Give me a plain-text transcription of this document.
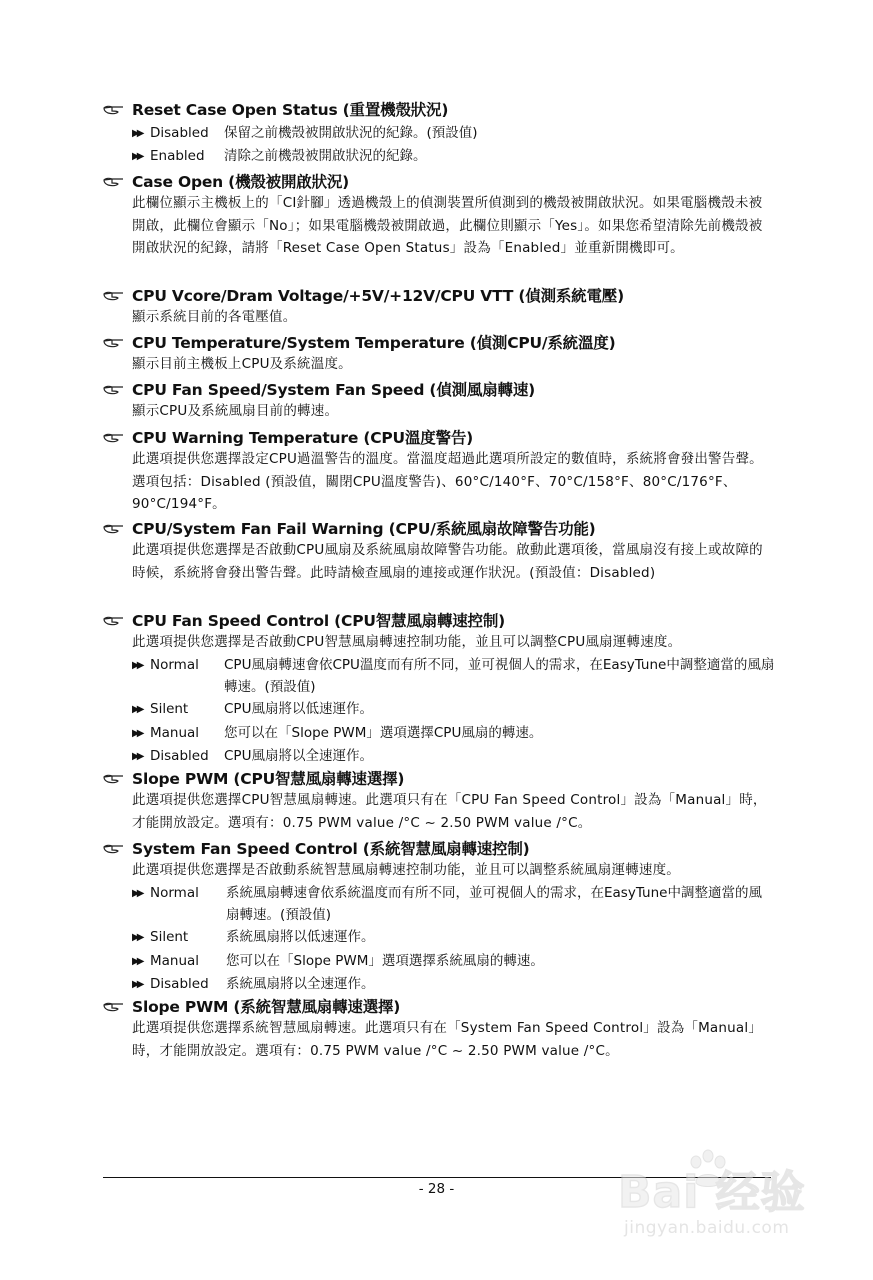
Reset Case Open Status (重置機殼狀況)
▶▶ Disabled	保留之前機殼被開啟狀況的紀錄。(預設值)
▶▶ Enabled	清除之前機殼被開啟狀況的紀錄。
Case Open (機殼被開啟狀況)
此欄位顯示主機板上的「CI針腳」透過機殼上的偵測裝置所偵測到的機殼被開啟狀況。如果電腦機殼未被開啟，此欄位會顯示「No」；如果電腦機殼被開啟過，此欄位則顯示「Yes」。如果您希望清除先前機殼被開啟狀況的紀錄，請將「Reset Case Open Status」設為「Enabled」並重新開機即可。
CPU Vcore/Dram Voltage/+5V/+12V/CPU VTT (偵測系統電壓)
顯示系統目前的各電壓值。
CPU Temperature/System Temperature (偵測CPU/系統溫度)
顯示目前主機板上CPU及系統溫度。
CPU Fan Speed/System Fan Speed (偵測風扇轉速)
顯示CPU及系統風扇目前的轉速。
CPU Warning Temperature (CPU溫度警告)
此選項提供您選擇設定CPU過溫警告的溫度。當溫度超過此選項所設定的數值時，系統將會發出警告聲。選項包括：Disabled (預設值，關閉CPU溫度警告)、60°C/140°F、70°C/158°F、80°C/176°F、90°C/194°F。
CPU/System Fan Fail Warning (CPU/系統風扇故障警告功能)
此選項提供您選擇是否啟動CPU風扇及系統風扇故障警告功能。啟動此選項後，當風扇沒有接上或故障的時候，系統將會發出警告聲。此時請檢查風扇的連接或運作狀況。(預設值：Disabled)
CPU Fan Speed Control (CPU智慧風扇轉速控制)
此選項提供您選擇是否啟動CPU智慧風扇轉速控制功能，並且可以調整CPU風扇運轉速度。
▶▶ Normal	CPU風扇轉速會依CPU溫度而有所不同，並可視個人的需求，在EasyTune中調整適當的風扇轉速。(預設值)
▶▶ Silent	CPU風扇將以低速運作。
▶▶ Manual	您可以在「Slope PWM」選項選擇CPU風扇的轉速。
▶▶ Disabled	CPU風扇將以全速運作。
Slope PWM (CPU智慧風扇轉速選擇)
此選項提供您選擇CPU智慧風扇轉速。此選項只有在「CPU Fan Speed Control」設為「Manual」時，才能開放設定。選項有：0.75 PWM value /°C ~ 2.50 PWM value /°C。
System Fan Speed Control (系統智慧風扇轉速控制)
此選項提供您選擇是否啟動系統智慧風扇轉速控制功能，並且可以調整系統風扇運轉速度。
▶▶ Normal	系統風扇轉速會依系統溫度而有所不同，並可視個人的需求，在EasyTune中調整適當的風扇轉速。(預設值)
▶▶ Silent	系統風扇將以低速運作。
▶▶ Manual	您可以在「Slope PWM」選項選擇系統風扇的轉速。
▶▶ Disabled	系統風扇將以全速運作。
Slope PWM (系統智慧風扇轉速選擇)
此選項提供您選擇系統智慧風扇轉速。此選項只有在「System Fan Speed Control」設為「Manual」時，才能開放設定。選項有：0.75 PWM value /°C ~ 2.50 PWM value /°C。
- 28 -	Bai 经验
jingyan.baidu.com
